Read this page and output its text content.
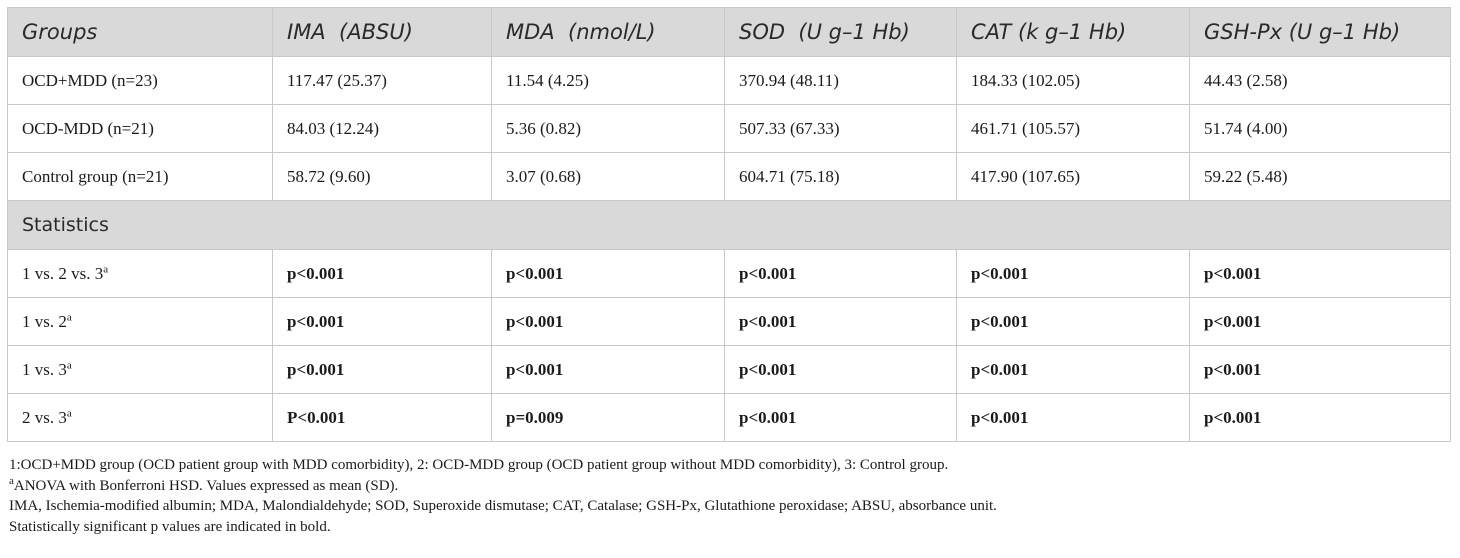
Groups	IMA  (ABSU)	MDA  (nmol/L)	SOD  (U g–1 Hb)	CAT (k g–1 Hb)	GSH-Px (U g–1 Hb)
OCD+MDD (n=23)	117.47 (25.37)	11.54 (4.25)	370.94 (48.11)	184.33 (102.05)	44.43 (2.58)
OCD-MDD (n=21)	84.03 (12.24)	5.36 (0.82)	507.33 (67.33)	461.71 (105.57)	51.74 (4.00)
Control group (n=21)	58.72 (9.60)	3.07 (0.68)	604.71 (75.18)	417.90 (107.65)	59.22 (5.48)
Statistics					
1 vs. 2 vs. 3$^a$	p<0.001	p<0.001	p<0.001	p<0.001	p<0.001
1 vs. 2$^a$	p<0.001	p<0.001	p<0.001	p<0.001	p<0.001
1 vs. 3$^a$	p<0.001	p<0.001	p<0.001	p<0.001	p<0.001
2 vs. 3$^a$	P<0.001	p=0.009	p<0.001	p<0.001	p<0.001
1:OCD+MDD group (OCD patient group with MDD comorbidity), 2: OCD-MDD group (OCD patient group without MDD comorbidity), 3: Control group.
$^a$ANOVA with Bonferroni HSD. Values expressed as mean (SD).
IMA, Ischemia-modified albumin; MDA, Malondialdehyde; SOD, Superoxide dismutase; CAT, Catalase; GSH-Px, Glutathione peroxidase; ABSU, absorbance unit.
Statistically significant p values are indicated in bold.
